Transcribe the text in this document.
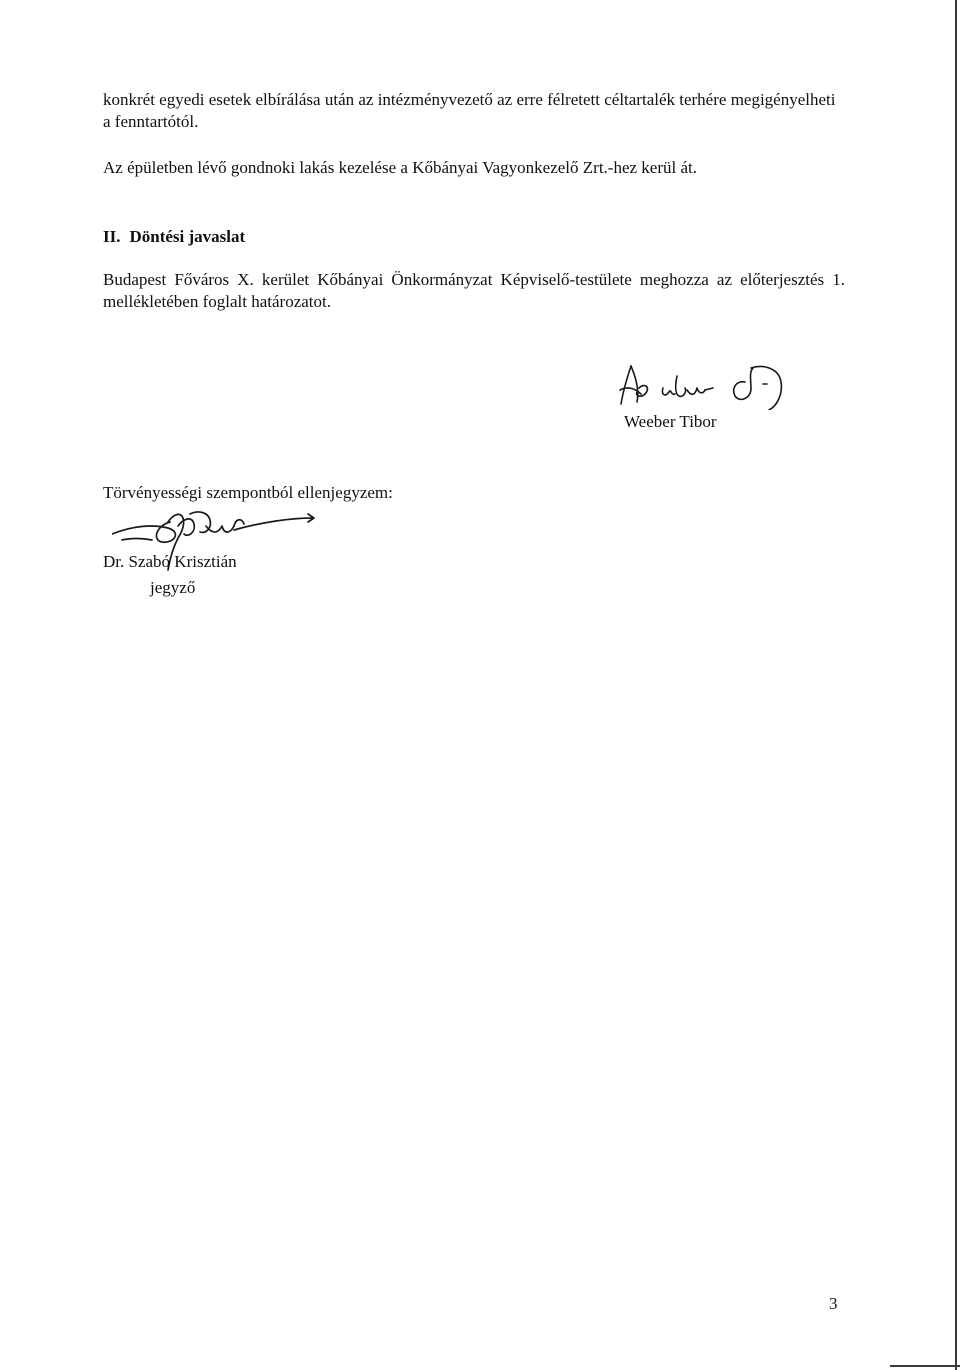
konkrét egyedi esetek elbírálása után az intézményvezető az erre félretett céltartalék terhére megigényelheti a fenntartótól.

Az épületben lévő gondnoki lakás kezelése a Kőbányai Vagyonkezelő Zrt.-hez kerül át.

II. Döntési javaslat

Budapest Főváros X. kerület Kőbányai Önkormányzat Képviselő-testülete meghozza az előterjesztés 1. mellékletében foglalt határozatot.

Weeber Tibor

Törvényességi szempontból ellenjegyzem:

Dr. Szabó Krisztián

jegyző

3
